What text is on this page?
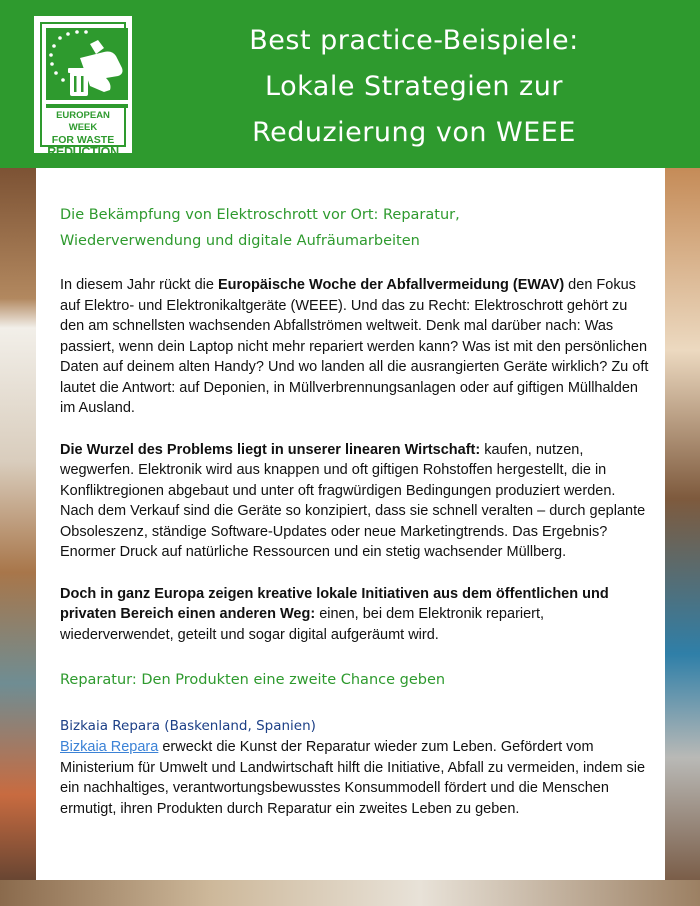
EUROPEAN WEEK
FOR WASTE
REDUCTION
Best practice-Beispiele:
Lokale Strategien zur
Reduzierung von WEEE
Die Bekämpfung von Elektroschrott vor Ort: Reparatur,
Wiederverwendung und digitale Aufräumarbeiten

In diesem Jahr rückt die Europäische Woche der Abfallvermeidung (EWAV) den Fokus auf Elektro- und Elektronikaltgeräte (WEEE). Und das zu Recht: Elektroschrott gehört zu den am schnellsten wachsenden Abfallströmen weltweit. Denk mal darüber nach: Was passiert, wenn dein Laptop nicht mehr repariert werden kann? Was ist mit den persönlichen Daten auf deinem alten Handy? Und wo landen all die ausrangierten Geräte wirklich? Zu oft lautet die Antwort: auf Deponien, in Müllverbrennungsanlagen oder auf giftigen Müllhalden im Ausland.

Die Wurzel des Problems liegt in unserer linearen Wirtschaft: kaufen, nutzen, wegwerfen. Elektronik wird aus knappen und oft giftigen Rohstoffen hergestellt, die in Konfliktregionen abgebaut und unter oft fragwürdigen Bedingungen produziert werden. Nach dem Verkauf sind die Geräte so konzipiert, dass sie schnell veralten – durch geplante Obsoleszenz, ständige Software-Updates oder neue Marketingtrends. Das Ergebnis? Enormer Druck auf natürliche Ressourcen und ein stetig wachsender Müllberg.

Doch in ganz Europa zeigen kreative lokale Initiativen aus dem öffentlichen und privaten Bereich einen anderen Weg: einen, bei dem Elektronik repariert, wiederverwendet, geteilt und sogar digital aufgeräumt wird.

Reparatur: Den Produkten eine zweite Chance geben
Bizkaia Repara (Baskenland, Spanien)

Bizkaia Repara erweckt die Kunst der Reparatur wieder zum Leben. Gefördert vom Ministerium für Umwelt und Landwirtschaft hilft die Initiative, Abfall zu vermeiden, indem sie ein nachhaltiges, verantwortungsbewusstes Konsummodell fördert und die Menschen ermutigt, ihren Produkten durch Reparatur ein zweites Leben zu geben.
